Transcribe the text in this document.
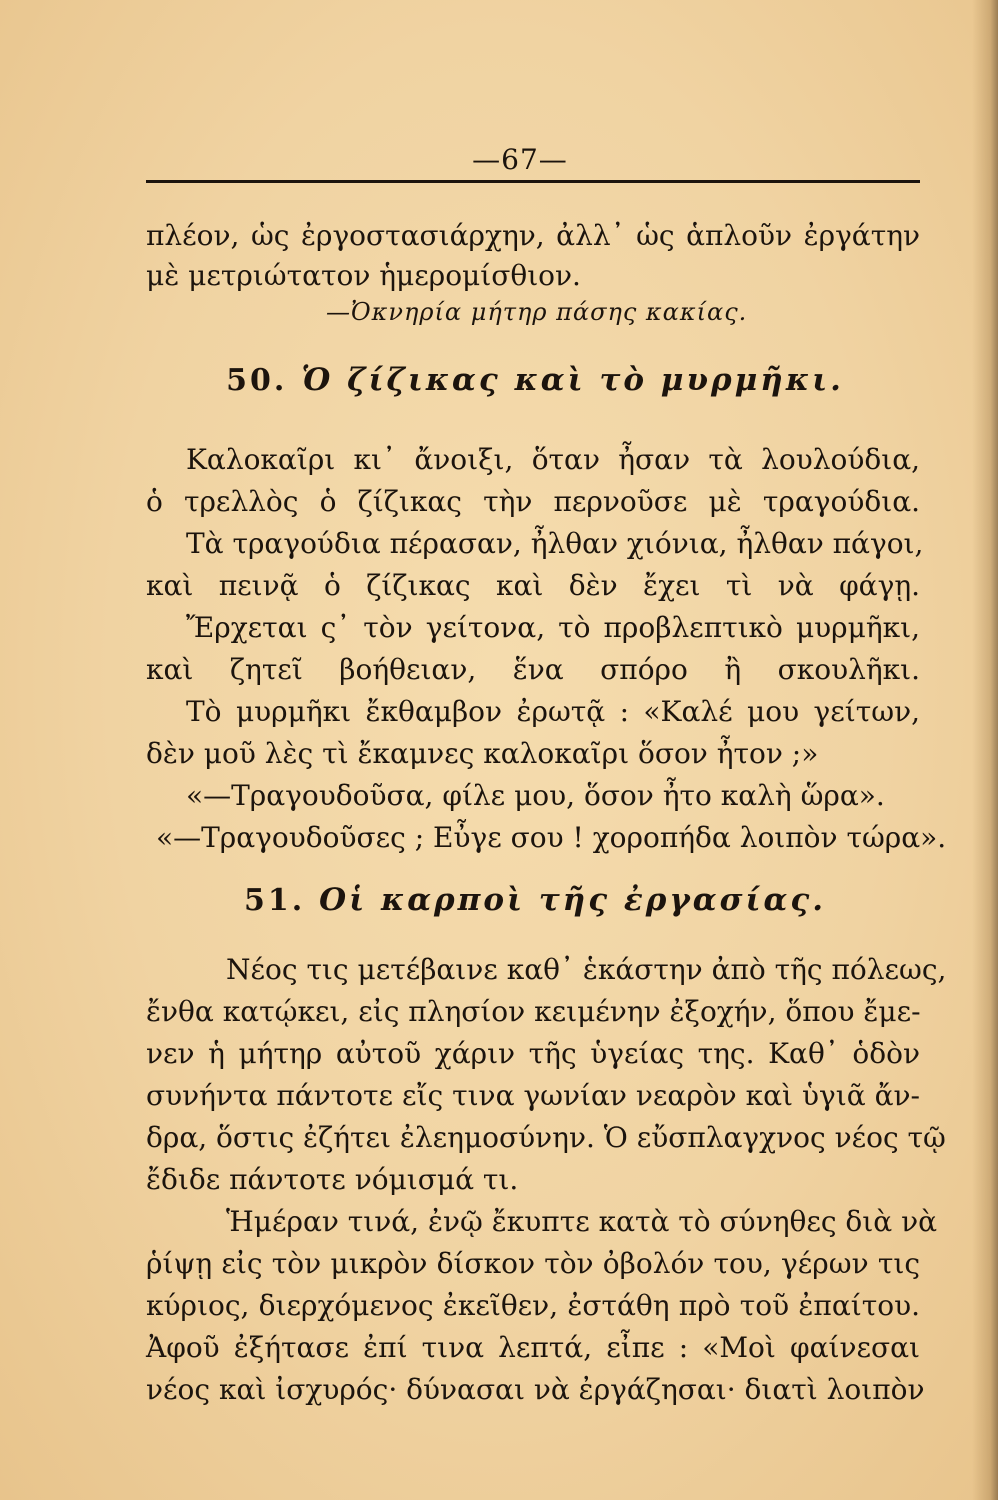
—67—
πλέον, ὡς ἐργοστασιάρχην, ἀλλ᾽ ὡς ἁπλοῦν ἐργάτην
μὲ μετριώτατον ἡμερομίσθιον.
—Ὀκνηρία μήτηρ πάσης κακίας.
50. Ὁ ζίζικας καὶ τὸ μυρμῆκι.
Καλοκαῖρι κι᾽ ἄνοιξι, ὅταν ἦσαν τὰ λουλούδια,
ὁ τρελλὸς ὁ ζίζικας τὴν περνοῦσε μὲ τραγούδια.
Τὰ τραγούδια πέρασαν, ἦλθαν χιόνια, ἦλθαν πάγοι,
καὶ πεινᾷ ὁ ζίζικας καὶ δὲν ἔχει τὶ νὰ φάγῃ.
Ἔρχεται ς᾽ τὸν γείτονα, τὸ προβλεπτικὸ μυρμῆκι,
καὶ ζητεῖ βοήθειαν, ἕνα σπόρο ἢ σκουλῆκι.
Τὸ μυρμῆκι ἔκθαμβον ἐρωτᾷ : «Καλέ μου γείτων,
δὲν μοῦ λὲς τὶ ἔκαμνες καλοκαῖρι ὅσον ἦτον ;»
«—Τραγουδοῦσα, φίλε μου, ὅσον ἦτο καλὴ ὥρα».
«—Τραγουδοῦσες ; Εὖγε σου ! χοροπήδα λοιπὸν τώρα».
51. Οἱ καρποὶ τῆς ἐργασίας.
Νέος τις μετέβαινε καθ᾽ ἑκάστην ἀπὸ τῆς πόλεως,
ἔνθα κατῴκει, εἰς πλησίον κειμένην ἐξοχήν, ὅπου ἔμε-
νεν ἡ μήτηρ αὐτοῦ χάριν τῆς ὑγείας της. Καθ᾽ ὁδὸν
συνήντα πάντοτε εἴς τινα γωνίαν νεαρὸν καὶ ὑγιᾶ ἄν-
δρα, ὅστις ἐζήτει ἐλεημοσύνην. Ὁ εὔσπλαγχνος νέος τῷ
ἔδιδε πάντοτε νόμισμά τι.
Ἡμέραν τινά, ἐνῷ ἔκυπτε κατὰ τὸ σύνηθες διὰ νὰ
ῥίψῃ εἰς τὸν μικρὸν δίσκον τὸν ὀβολόν του, γέρων τις
κύριος, διερχόμενος ἐκεῖθεν, ἐστάθη πρὸ τοῦ ἐπαίτου.
Ἀφοῦ ἐξήτασε ἐπί τινα λεπτά, εἶπε : «Μοὶ φαίνεσαι
νέος καὶ ἰσχυρός· δύνασαι νὰ ἐργάζησαι· διατὶ λοιπὸν
